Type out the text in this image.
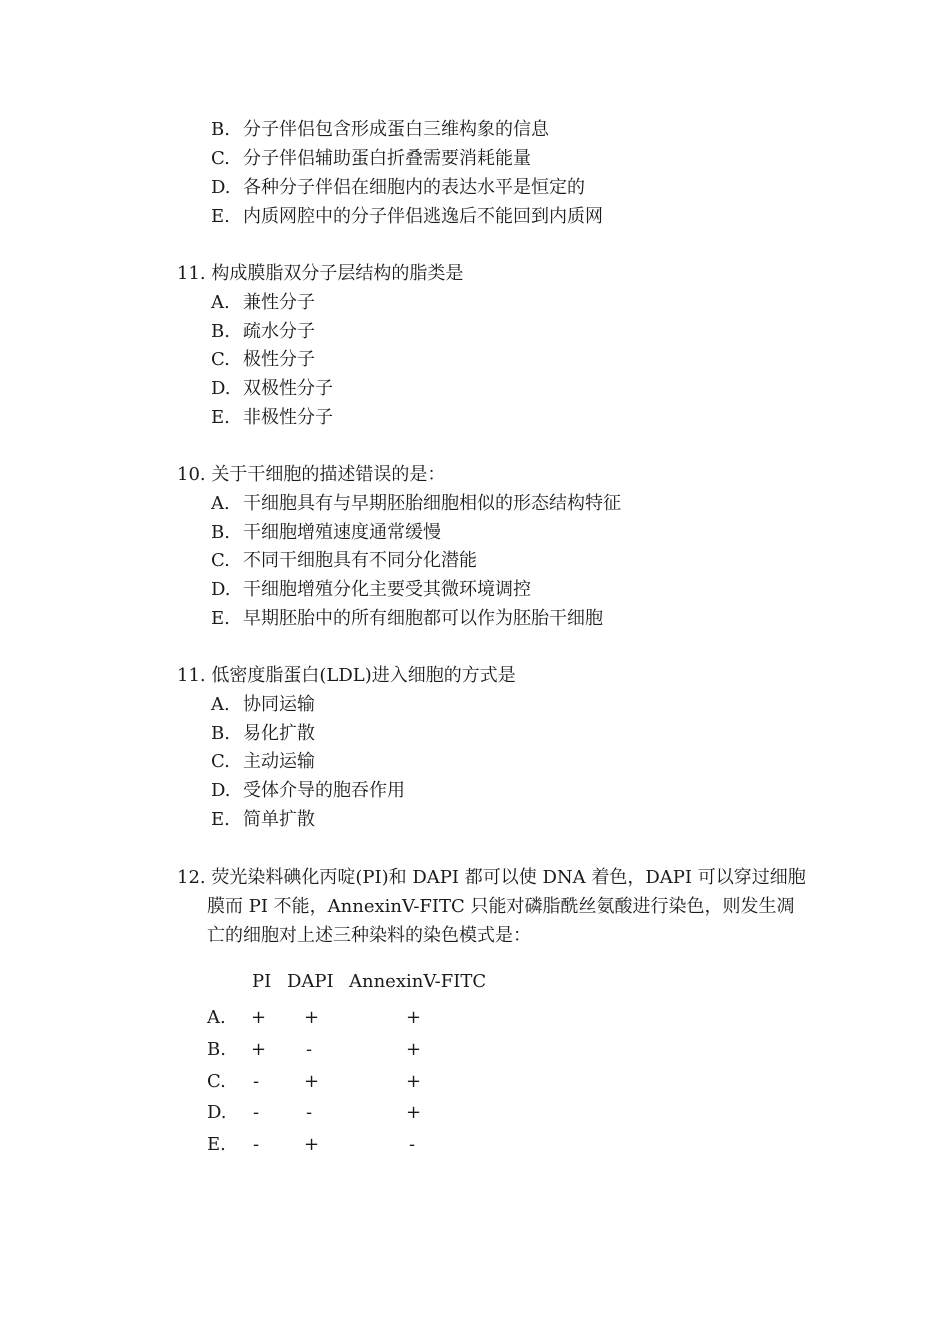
B. 分子伴侣包含形成蛋白三维构象的信息
C. 分子伴侣辅助蛋白折叠需要消耗能量
D. 各种分子伴侣在细胞内的表达水平是恒定的
E. 内质网腔中的分子伴侣逃逸后不能回到内质网
11. 构成膜脂双分子层结构的脂类是
A. 兼性分子
B. 疏水分子
C. 极性分子
D. 双极性分子
E. 非极性分子
10. 关于干细胞的描述错误的是：
A. 干细胞具有与早期胚胎细胞相似的形态结构特征
B. 干细胞增殖速度通常缓慢
C. 不同干细胞具有不同分化潜能
D. 干细胞增殖分化主要受其微环境调控
E. 早期胚胎中的所有细胞都可以作为胚胎干细胞
11. 低密度脂蛋白(LDL)进入细胞的方式是
A. 协同运输
B. 易化扩散
C. 主动运输
D. 受体介导的胞吞作用
E. 简单扩散
12. 荧光染料碘化丙啶(PI)和 DAPI 都可以使 DNA 着色，DAPI 可以穿过细胞
膜而 PI 不能，AnnexinV-FITC 只能对磷脂酰丝氨酸进行染色，则发生凋
亡的细胞对上述三种染料的染色模式是：
PI DAPI AnnexinV-FITC
A. + +	+
B. + -	+
C. - +	+
D. -	-	+
E. - +	-
